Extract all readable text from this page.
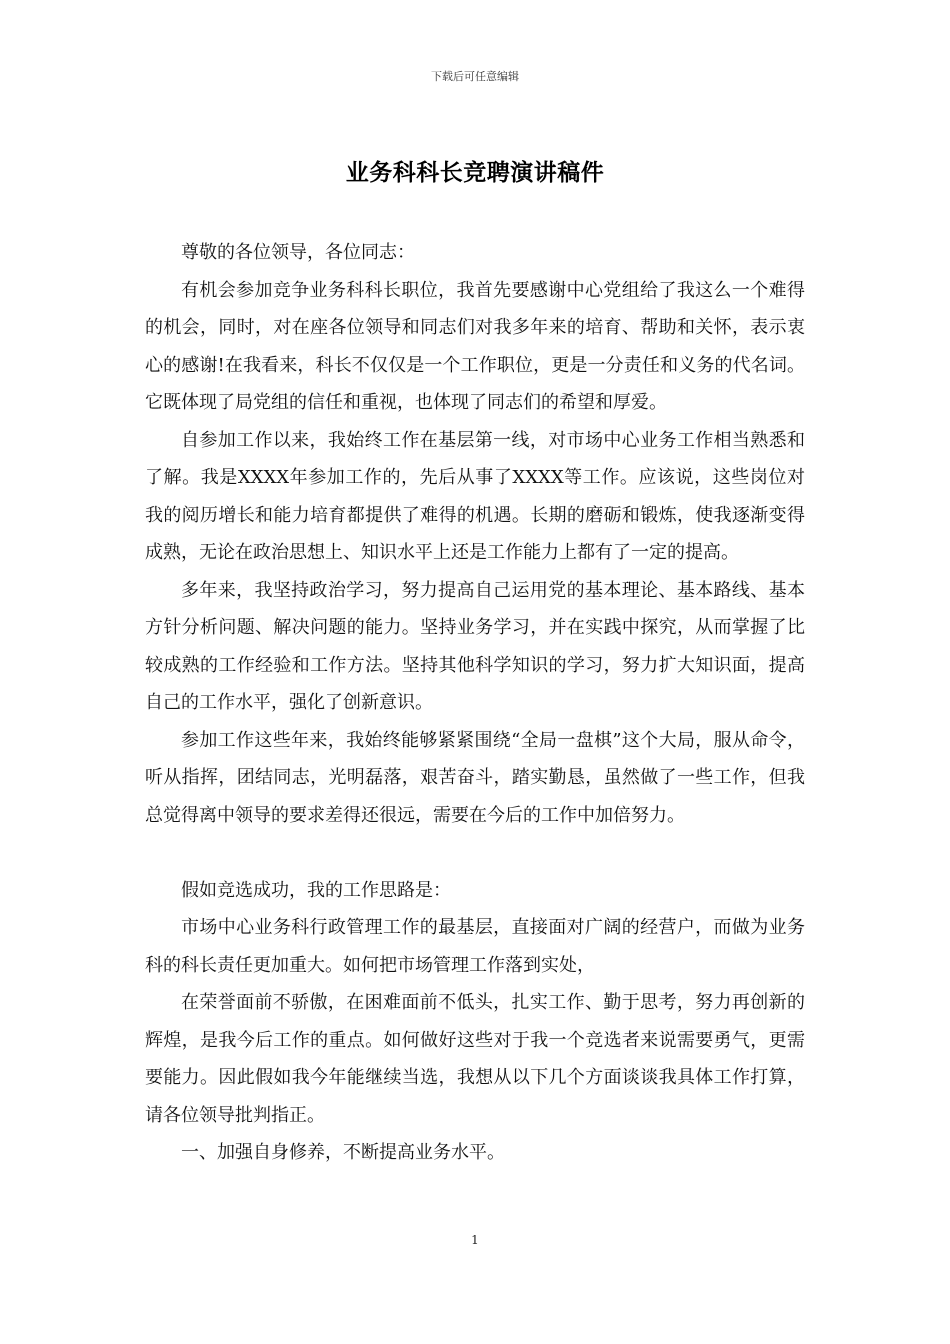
下载后可任意编辑
业务科科长竞聘演讲稿件

尊敬的各位领导，各位同志：

有机会参加竞争业务科科长职位，我首先要感谢中心党组给了我这么一个难得的机会，同时，对在座各位领导和同志们对我多年来的培育、帮助和关怀，表示衷心的感谢!在我看来，科长不仅仅是一个工作职位，更是一分责任和义务的代名词。它既体现了局党组的信任和重视，也体现了同志们的希望和厚爱。

自参加工作以来，我始终工作在基层第一线，对市场中心业务工作相当熟悉和了解。我是XXXX年参加工作的，先后从事了XXXX等工作。应该说，这些岗位对我的阅历增长和能力培育都提供了难得的机遇。长期的磨砺和锻炼，使我逐渐变得成熟，无论在政治思想上、知识水平上还是工作能力上都有了一定的提高。

多年来，我坚持政治学习，努力提高自己运用党的基本理论、基本路线、基本方针分析问题、解决问题的能力。坚持业务学习，并在实践中探究，从而掌握了比较成熟的工作经验和工作方法。坚持其他科学知识的学习，努力扩大知识面，提高自己的工作水平，强化了创新意识。

参加工作这些年来，我始终能够紧紧围绕“全局一盘棋”这个大局，服从命令，听从指挥，团结同志，光明磊落，艰苦奋斗，踏实勤恳，虽然做了一些工作，但我总觉得离中领导的要求差得还很远，需要在今后的工作中加倍努力。

假如竞选成功，我的工作思路是：

市场中心业务科行政管理工作的最基层，直接面对广阔的经营户，而做为业务科的科长责任更加重大。如何把市场管理工作落到实处，

在荣誉面前不骄傲，在困难面前不低头，扎实工作、勤于思考，努力再创新的辉煌，是我今后工作的重点。如何做好这些对于我一个竞选者来说需要勇气，更需要能力。因此假如我今年能继续当选，我想从以下几个方面谈谈我具体工作打算，请各位领导批判指正。

一、加强自身修养，不断提高业务水平。

1
